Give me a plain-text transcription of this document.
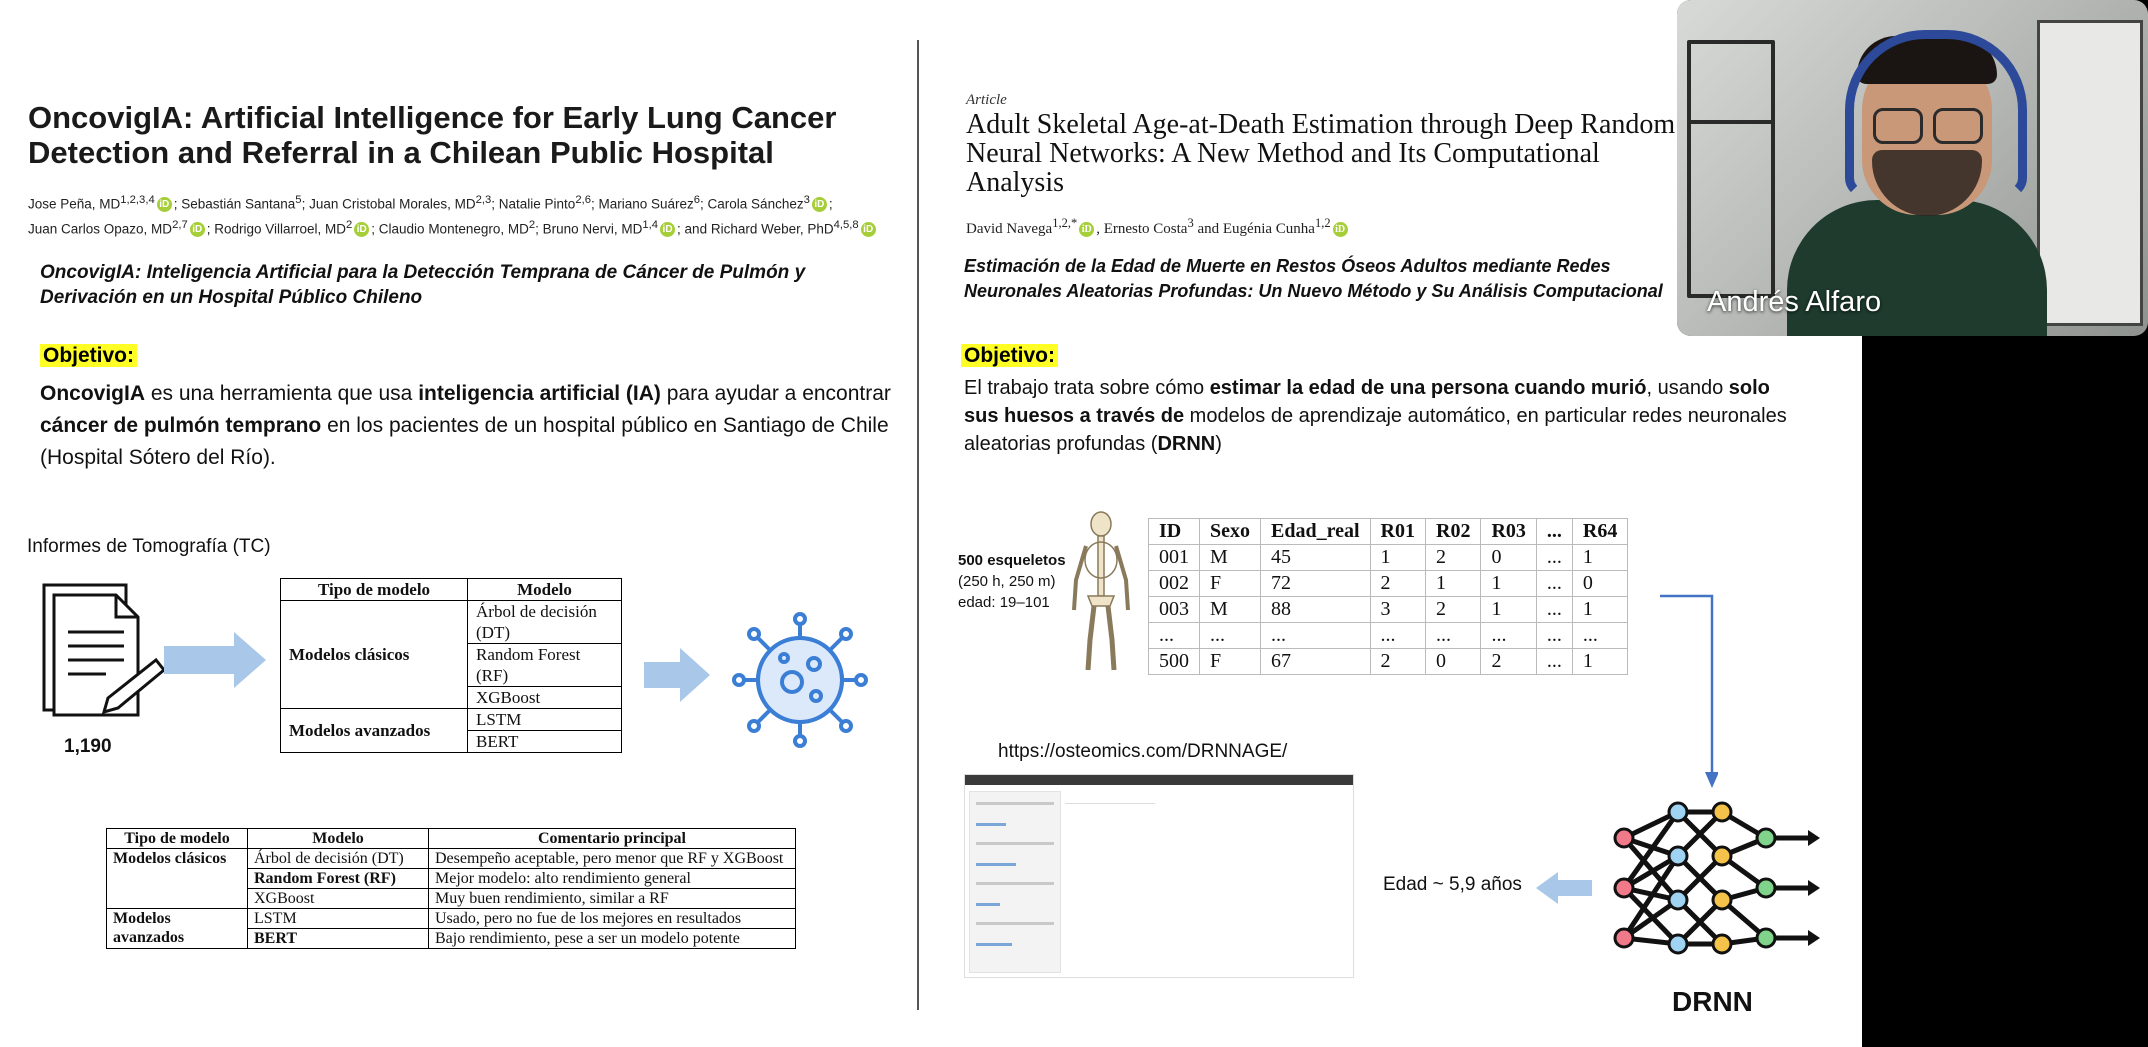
OncovigIA: Artificial Intelligence for Early Lung Cancer Detection and Referral in a Chilean Public Hospital
Jose Peña, MD$^{1,2,3,4}$ iD ; Sebastián Santana$^5$; Juan Cristobal Morales, MD$^{2,3}$; Natalie Pinto$^{2,6}$; Mariano Suárez$^6$; Carola Sánchez$^3$ iD ;
Juan Carlos Opazo, MD$^{2,7}$ iD ; Rodrigo Villarroel, $MD^2$ iD ; Claudio Montenegro, $MD^2$; Bruno Nervi, MD$^{1,4}$ iD ; and Richard Weber, PhD$^{4,5,8}$ iD
OncovigIA: Inteligencia Artificial para la Detección Temprana de Cáncer de Pulmón y Derivación en un Hospital Público Chileno
Objetivo:
OncovigIA es una herramienta que usa inteligencia artificial (IA) para ayudar a encontrar cáncer de pulmón temprano en los pacientes de un hospital público en Santiago de Chile (Hospital Sótero del Río).
Informes de Tomografía (TC)
1,190
Tipo de modelo	Modelo
Modelos clásicos	Árbol de decisión (DT)
	Random Forest (RF)
	XGBoost
Modelos avanzados	LSTM
	BERT
Tipo de modelo	Modelo	Comentario principal
Modelos clásicos	Árbol de decisión (DT)	Desempeño aceptable, pero menor que RF y XGBoost
	Random Forest (RF)	Mejor modelo: alto rendimiento general
	XGBoost	Muy buen rendimiento, similar a RF
Modelos avanzados	LSTM	Usado, pero no fue de los mejores en resultados
	BERT	Bajo rendimiento, pese a ser un modelo potente
Article
Adult Skeletal Age-at-Death Estimation through Deep Random Neural Networks: A New Method and Its Computational Analysis
David Navega$^{1,2,*}$ iD , Ernesto Costa$^3$ and Eugénia Cunha$^{1,2}$ iD
Estimación de la Edad de Muerte en Restos Óseos Adultos mediante Redes Neuronales Aleatorias Profundas: Un Nuevo Método y Su Análisis Computacional
Objetivo:
El trabajo trata sobre cómo estimar la edad de una persona cuando murió, usando solo sus huesos a través de modelos de aprendizaje automático, en particular redes neuronales aleatorias profundas (DRNN)
500 esqueletos
(250 h, 250 m)
edad: 19–101
ID	Sexo	Edad_real	R01	R02	R03	...	R64
001	M	45	1	2	0	...	1
002	F	72	2	1	1	...	0
003	M	88	3	2	1	...	1
...	...	...	...	...	...	...	...
500	F	67	2	0	2	...	1
https://osteomics.com/DRNNAGE/
Edad ~ 5,9 años
DRNN
Andrés Alfaro
